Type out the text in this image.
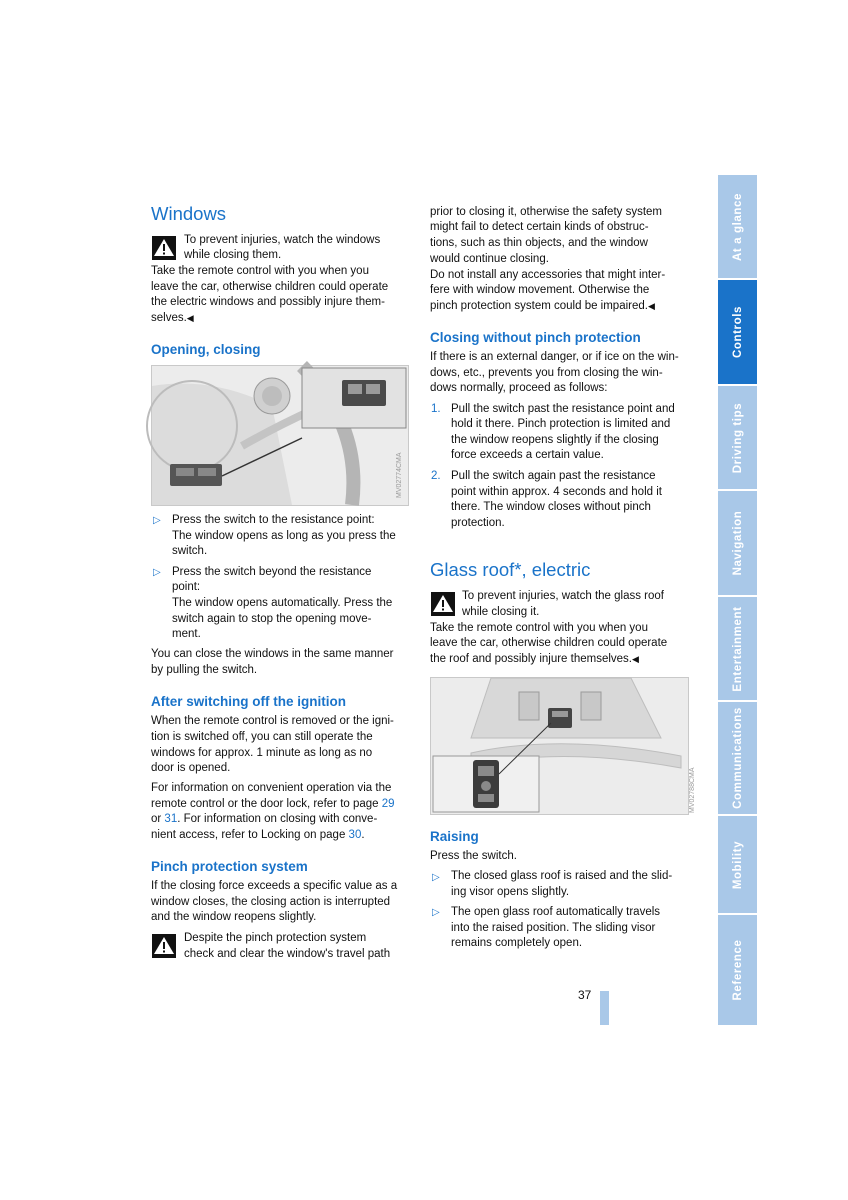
Windows

To prevent injuries, watch the windows

while closing them.

Take the remote control with you when you

leave the car, otherwise children could operate

the electric windows and possibly injure them-

selves.◀

Opening, closing
MV02774CMA
▷ Press the switch to the resistance point:

The window opens as long as you press the

switch.

▷ Press the switch beyond the resistance

point:

The window opens automatically. Press the

switch again to stop the opening move-

ment.

You can close the windows in the same manner

by pulling the switch.

After switching off the ignition

When the remote control is removed or the igni-

tion is switched off, you can still operate the

windows for approx. 1 minute as long as no

door is opened.

For information on convenient operation via the

remote control or the door lock, refer to page 29

or 31. For information on closing with conve-

nient access, refer to Locking on page 30.

Pinch protection system

If the closing force exceeds a specific value as a

window closes, the closing action is interrupted

and the window reopens slightly.

Despite the pinch protection system

check and clear the window's travel path

prior to closing it, otherwise the safety system

might fail to detect certain kinds of obstruc-

tions, such as thin objects, and the window

would continue closing.

Do not install any accessories that might inter-

fere with window movement. Otherwise the

pinch protection system could be impaired.◀

Closing without pinch protection

If there is an external danger, or if ice on the win-

dows, etc., prevents you from closing the win-

dows normally, proceed as follows:

1. Pull the switch past the resistance point and

hold it there. Pinch protection is limited and

the window reopens slightly if the closing

force exceeds a certain value.

2. Pull the switch again past the resistance

point within approx. 4 seconds and hold it

there. The window closes without pinch

protection.

Glass roof*, electric

To prevent injuries, watch the glass roof

while closing it.

Take the remote control with you when you

leave the car, otherwise children could operate

the roof and possibly injure themselves.◀

MV02788CMA
Raising

Press the switch.

▷ The closed glass roof is raised and the slid-

ing visor opens slightly.

▷ The open glass roof automatically travels

into the raised position. The sliding visor

remains completely open.

37
At a glance
Controls
Driving tips
Navigation
Entertainment
Communications
Mobility
Reference
